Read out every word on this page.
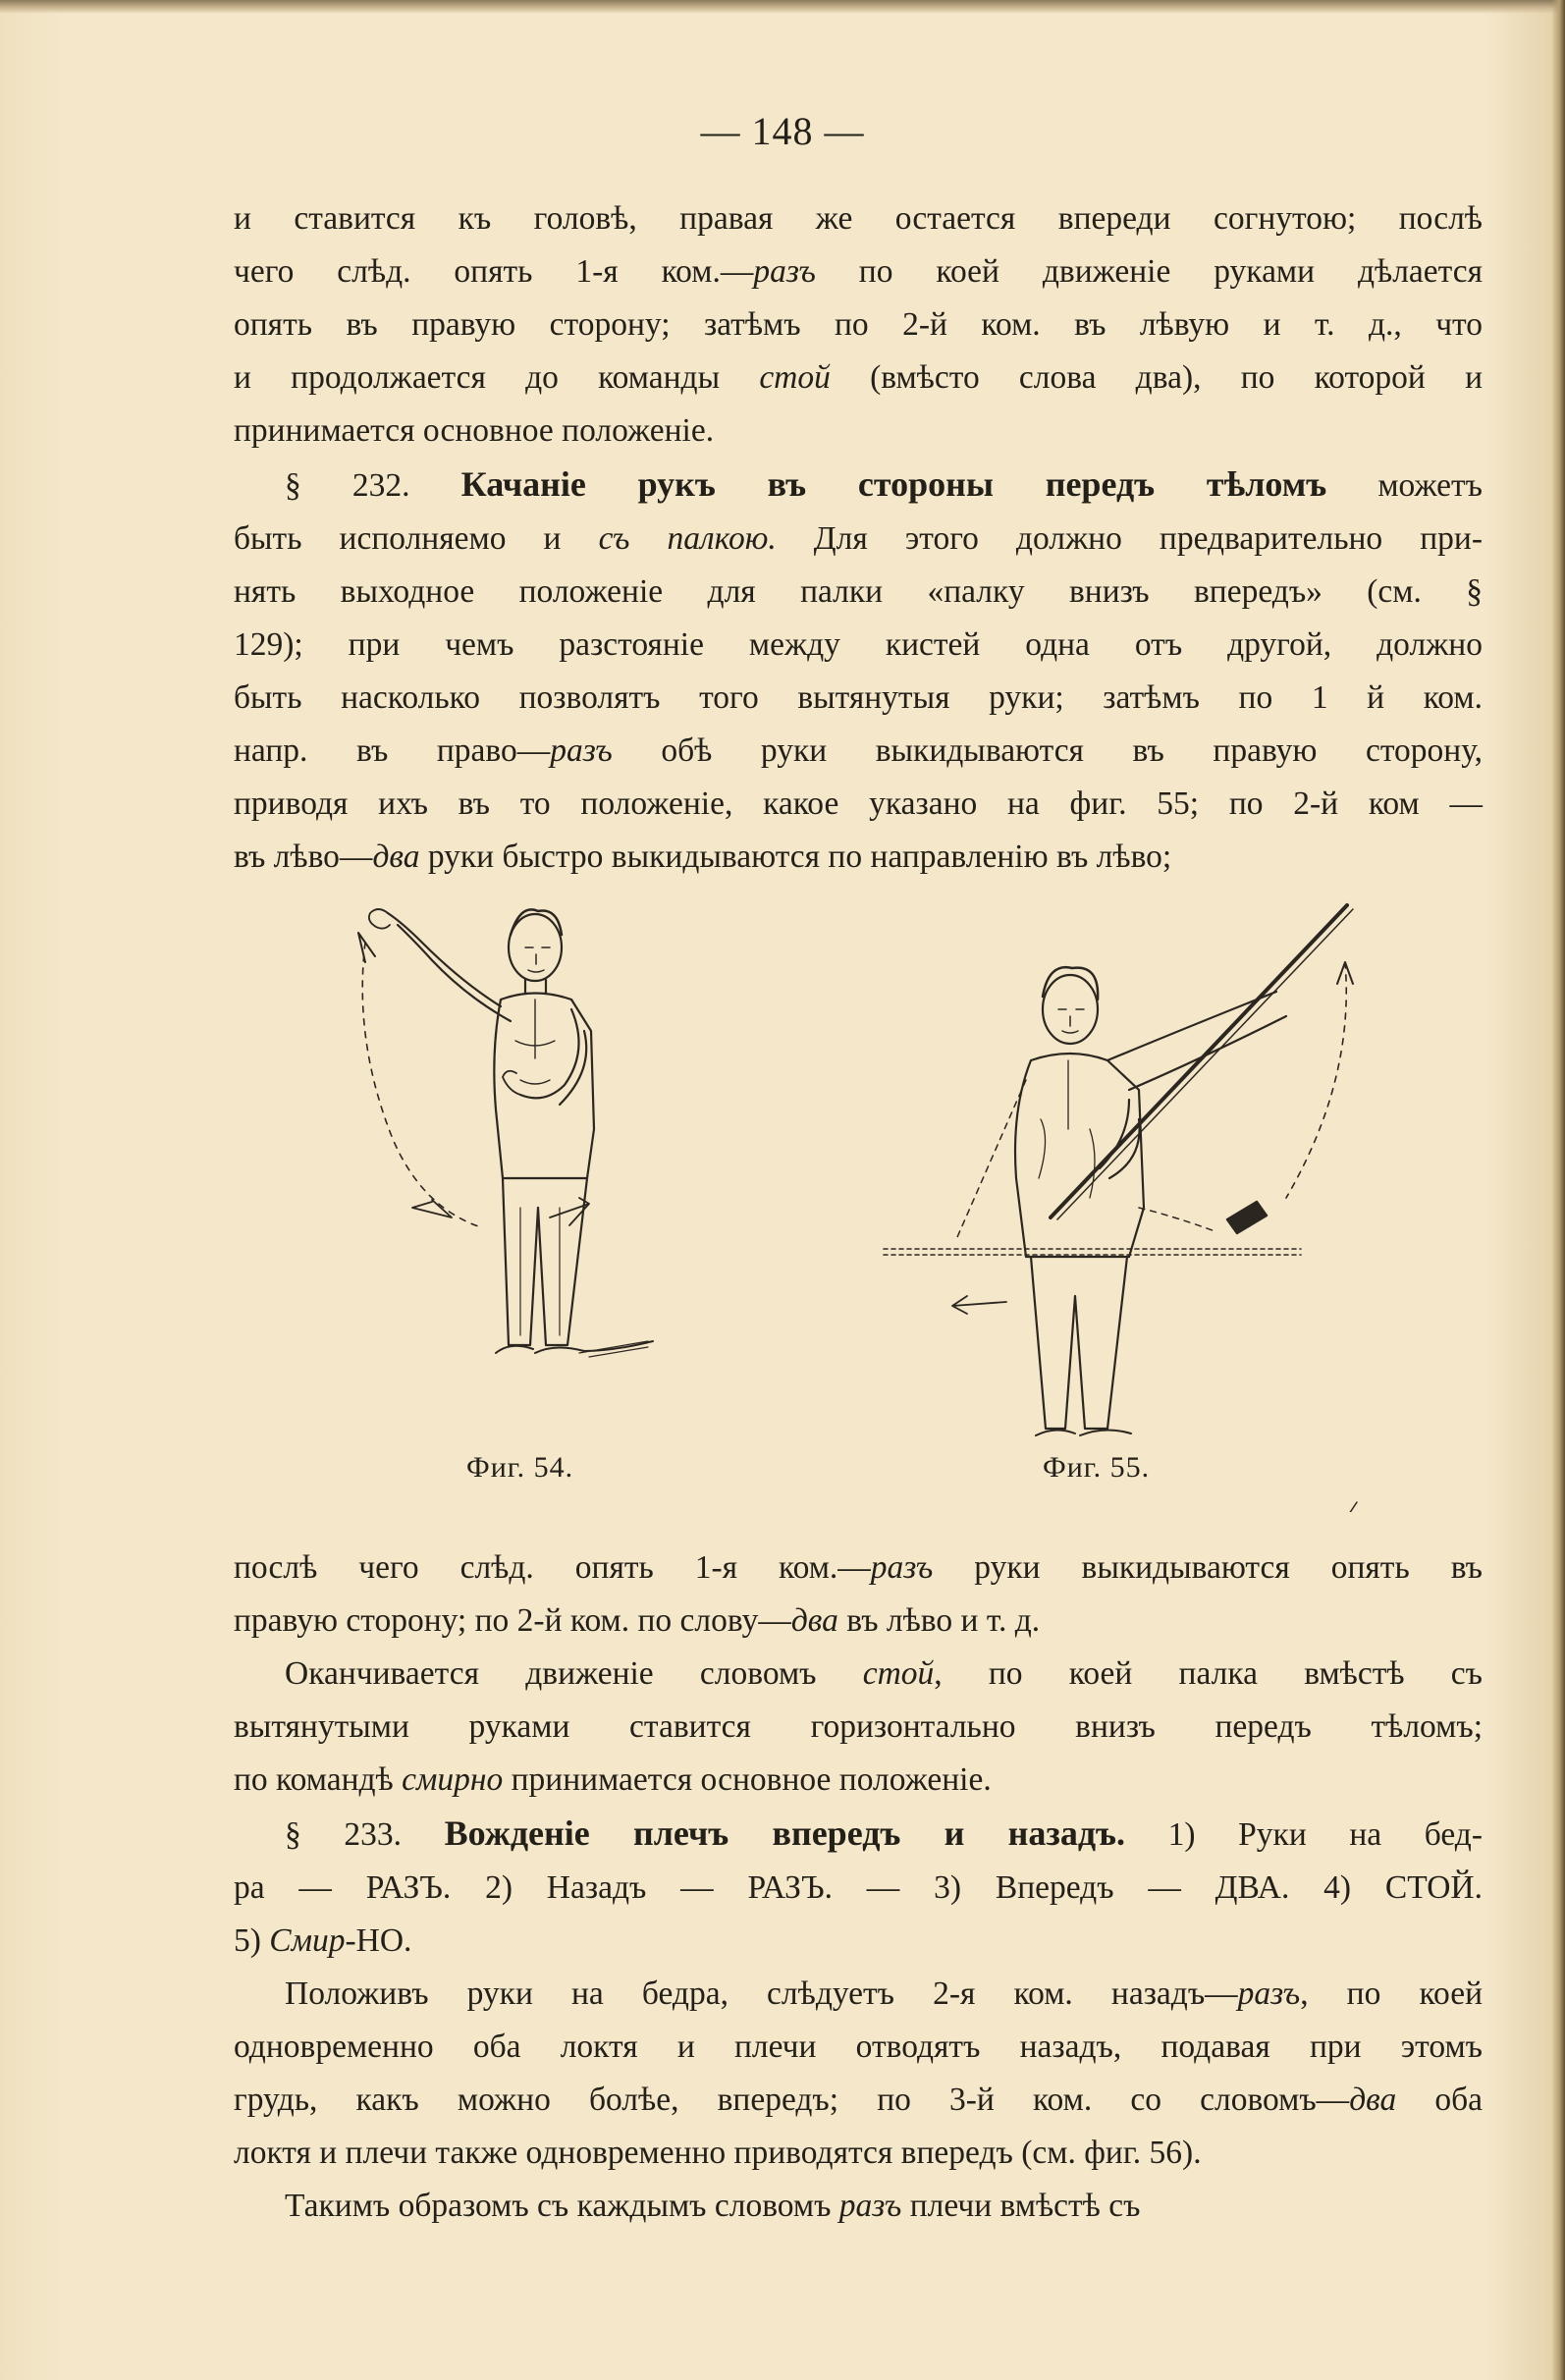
— 148 —
и ставится къ головѣ, правая же остается впереди согнутою; послѣ
чего слѣд. опять 1-я ком.—разъ по коей движеніе руками дѣлается
опять въ правую сторону; затѣмъ по 2-й ком. въ лѣвую и т. д., что
и продолжается до команды стой (вмѣсто слова два), по которой и
принимается основное положеніе.
§ 232. Качаніе рукъ въ стороны передъ тѣломъ можетъ
быть исполняемо и съ палкою. Для этого должно предварительно при-
нять выходное положеніе для палки «палку внизъ впередъ» (см. §
129); при чемъ разстояніе между кистей одна отъ другой, должно
быть насколько позволятъ того вытянутыя руки; затѣмъ по 1 й ком.
напр. въ право—разъ обѣ руки выкидываются въ правую сторону,
приводя ихъ въ то положеніе, какое указано на фиг. 55; по 2-й ком —
въ лѣво—два руки быстро выкидываются по направленію въ лѣво;
Фиг. 54.	Фиг. 55.
послѣ чего слѣд. опять 1-я ком.—разъ руки выкидываются опять въ
правую сторону; по 2-й ком. по слову—два въ лѣво и т. д.
Оканчивается движеніе словомъ стой, по коей палка вмѣстѣ съ
вытянутыми руками ставится горизонтально внизъ передъ тѣломъ;
по командѣ смирно принимается основное положеніе.
§ 233. Вожденіе плечъ впередъ и назадъ. 1) Руки на бед-
ра — РАЗЪ. 2) Назадъ — РАЗЪ. — 3) Впередъ — ДВА. 4) СТОЙ.
5) Смир-НО.
Положивъ руки на бедра, слѣдуетъ 2-я ком. назадъ—разъ, по коей
одновременно оба локтя и плечи отводятъ назадъ, подавая при этомъ
грудь, какъ можно болѣе, впередъ; по 3-й ком. со словомъ—два оба
локтя и плечи также одновременно приводятся впередъ (см. фиг. 56).
Такимъ образомъ съ каждымъ словомъ разъ плечи вмѣстѣ съ
